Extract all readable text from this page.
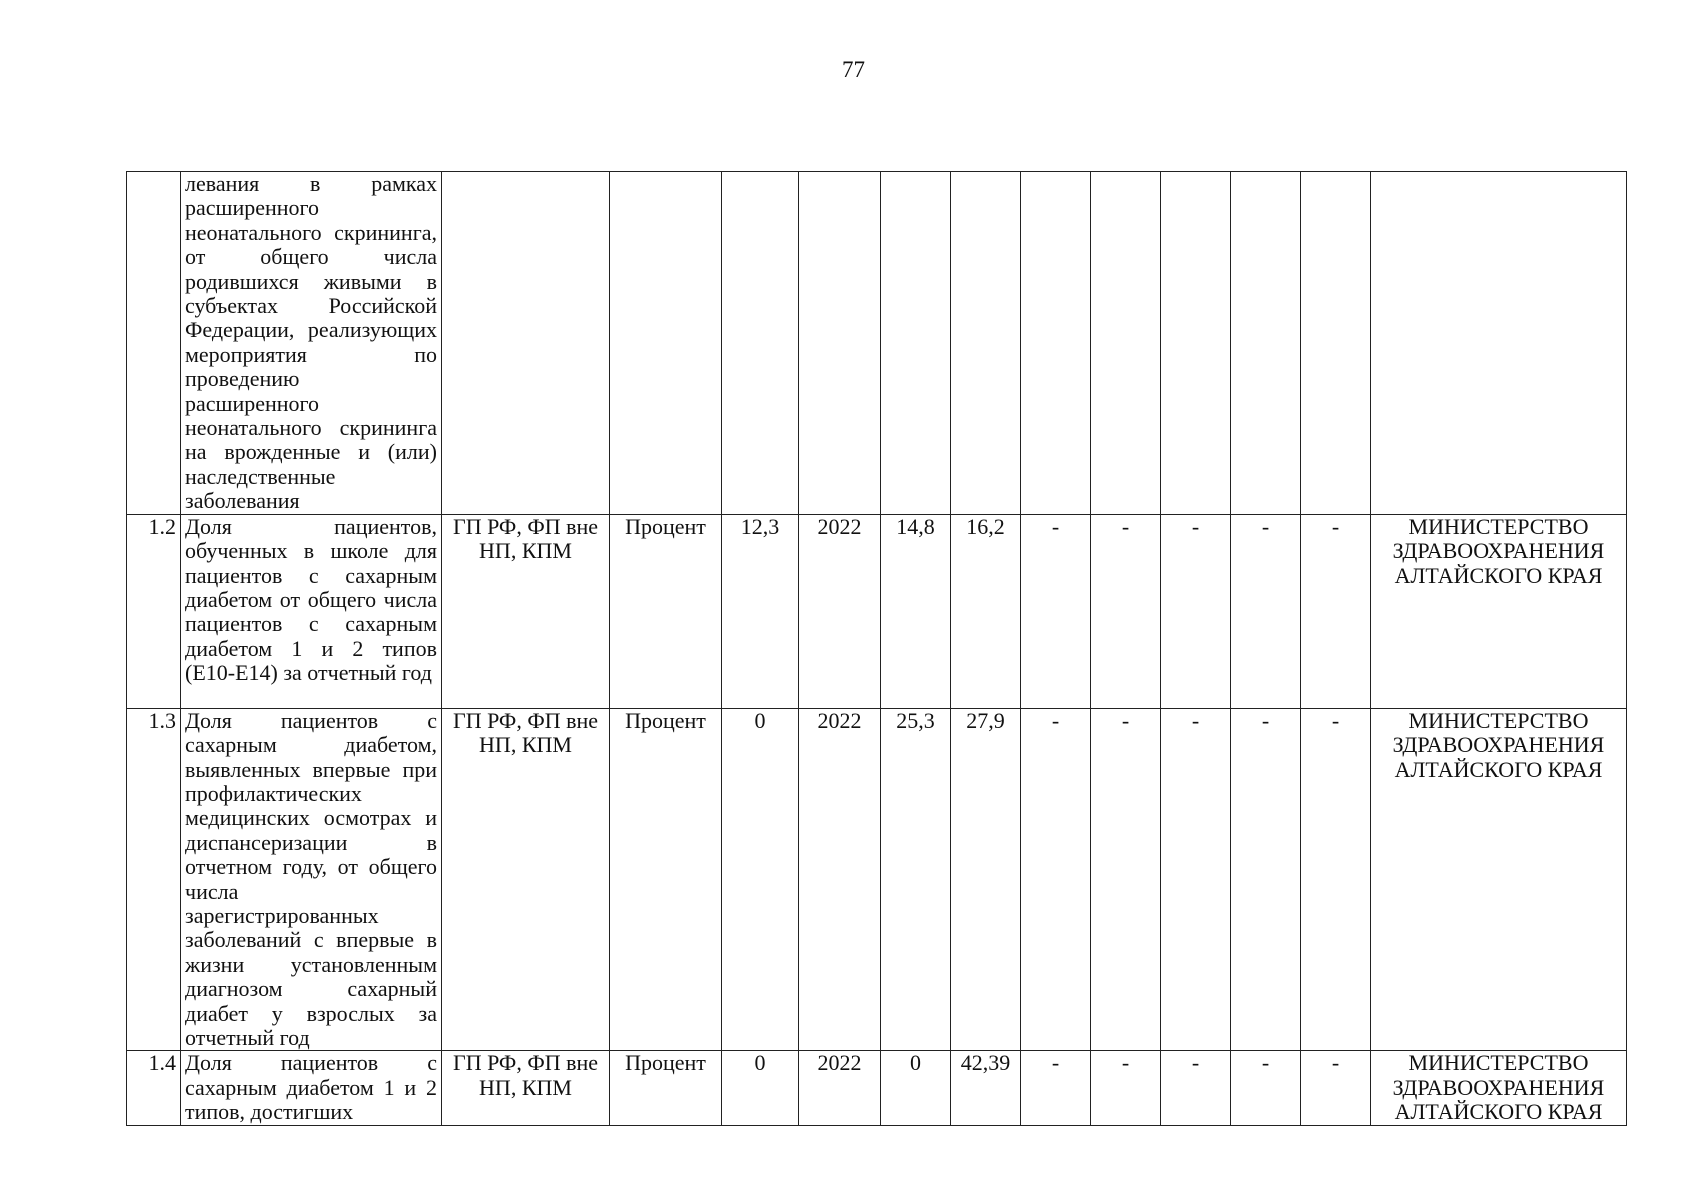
77

	левания в рамках расширенного неонатального скрининга, от общего числа родившихся живыми в субъектах Российской Федерации, реализующих мероприятия по проведению расширенного неонатального скрининга на врожденные и (или) наследственные заболевания												

1.2	Доля пациентов, обученных в школе для пациентов с сахарным диабетом от общего числа пациентов с сахарным диабетом 1 и 2 типов (Е10-Е14) за отчетный год	ГП РФ, ФП вне НП, КПМ	Процент	12,3	2022	14,8	16,2	-	-	-	-	-	МИНИСТЕРСТВО ЗДРАВООХРАНЕНИЯ АЛТАЙСКОГО КРАЯ
1.3	Доля пациентов с сахарным диабетом, выявленных впервые при профилактических медицинских осмотрах и диспансеризации в отчетном году, от общего числа зарегистрированных заболеваний с впервые в жизни установленным диагнозом сахарный диабет у взрослых за отчетный год	ГП РФ, ФП вне НП, КПМ	Процент	0	2022	25,3	27,9	-	-	-	-	-	МИНИСТЕРСТВО ЗДРАВООХРАНЕНИЯ АЛТАЙСКОГО КРАЯ
1.4	Доля пациентов с сахарным диабетом 1 и 2 типов, достигших	ГП РФ, ФП вне НП, КПМ	Процент	0	2022	0	42,39	-	-	-	-	-	МИНИСТЕРСТВО ЗДРАВООХРАНЕНИЯ АЛТАЙСКОГО КРАЯ
